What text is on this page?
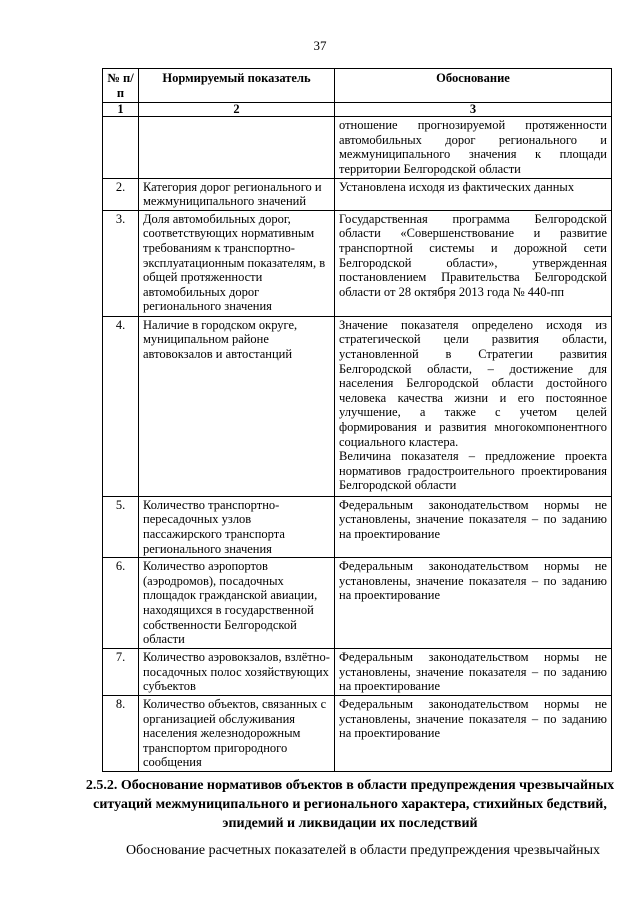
37
№ п/п	Нормируемый показатель	Обоснование
1	2	3
		отношение прогнозируемой протяженности автомобильных дорог регионального и межмуниципального значения к площади территории Белгородской области
2.	Категория дорог регионального и межмуниципального значений	Установлена исходя из фактических данных
3.	Доля автомобильных дорог, соответствующих нормативным требованиям к транспортно-эксплуатационным показателям, в общей протяженности автомобильных дорог регионального значения	Государственная программа Белгородской области «Совершенствование и развитие транспортной системы и дорожной сети Белгородской области», утвержденная постановлением Правительства Белгородской области от 28 октября 2013 года № 440-пп
4.	Наличие в городском округе, муниципальном районе автовокзалов и автостанций	Значение показателя определено исходя из стратегической цели развития области, установленной в Стратегии развития Белгородской области, – достижение для населения Белгородской области достойного человека качества жизни и его постоянное улучшение, а также с учетом целей формирования и развития многокомпонентного социального кластера.
Величина показателя – предложение проекта нормативов градостроительного проектирования Белгородской области

5.	Количество транспортно-пересадочных узлов пассажирского транспорта регионального значения	Федеральным законодательством нормы не установлены, значение показателя – по заданию на проектирование
6.	Количество аэропортов (аэродромов), посадочных площадок гражданской авиации, находящихся в государственной собственности Белгородской области	Федеральным законодательством нормы не установлены, значение показателя – по заданию на проектирование
7.	Количество аэровокзалов, взлётно-посадочных полос хозяйствующих субъектов	Федеральным законодательством нормы не установлены, значение показателя – по заданию на проектирование
8.	Количество объектов, связанных с организацией обслуживания населения железнодорожным транспортом пригородного сообщения	Федеральным законодательством нормы не установлены, значение показателя – по заданию на проектирование
2.5.2. Обоснование нормативов объектов в области предупреждения чрезвычайных ситуаций межмуниципального и регионального характера, стихийных бедствий, эпидемий и ликвидации их последствий
Обоснование расчетных показателей в области предупреждения чрезвычайных
